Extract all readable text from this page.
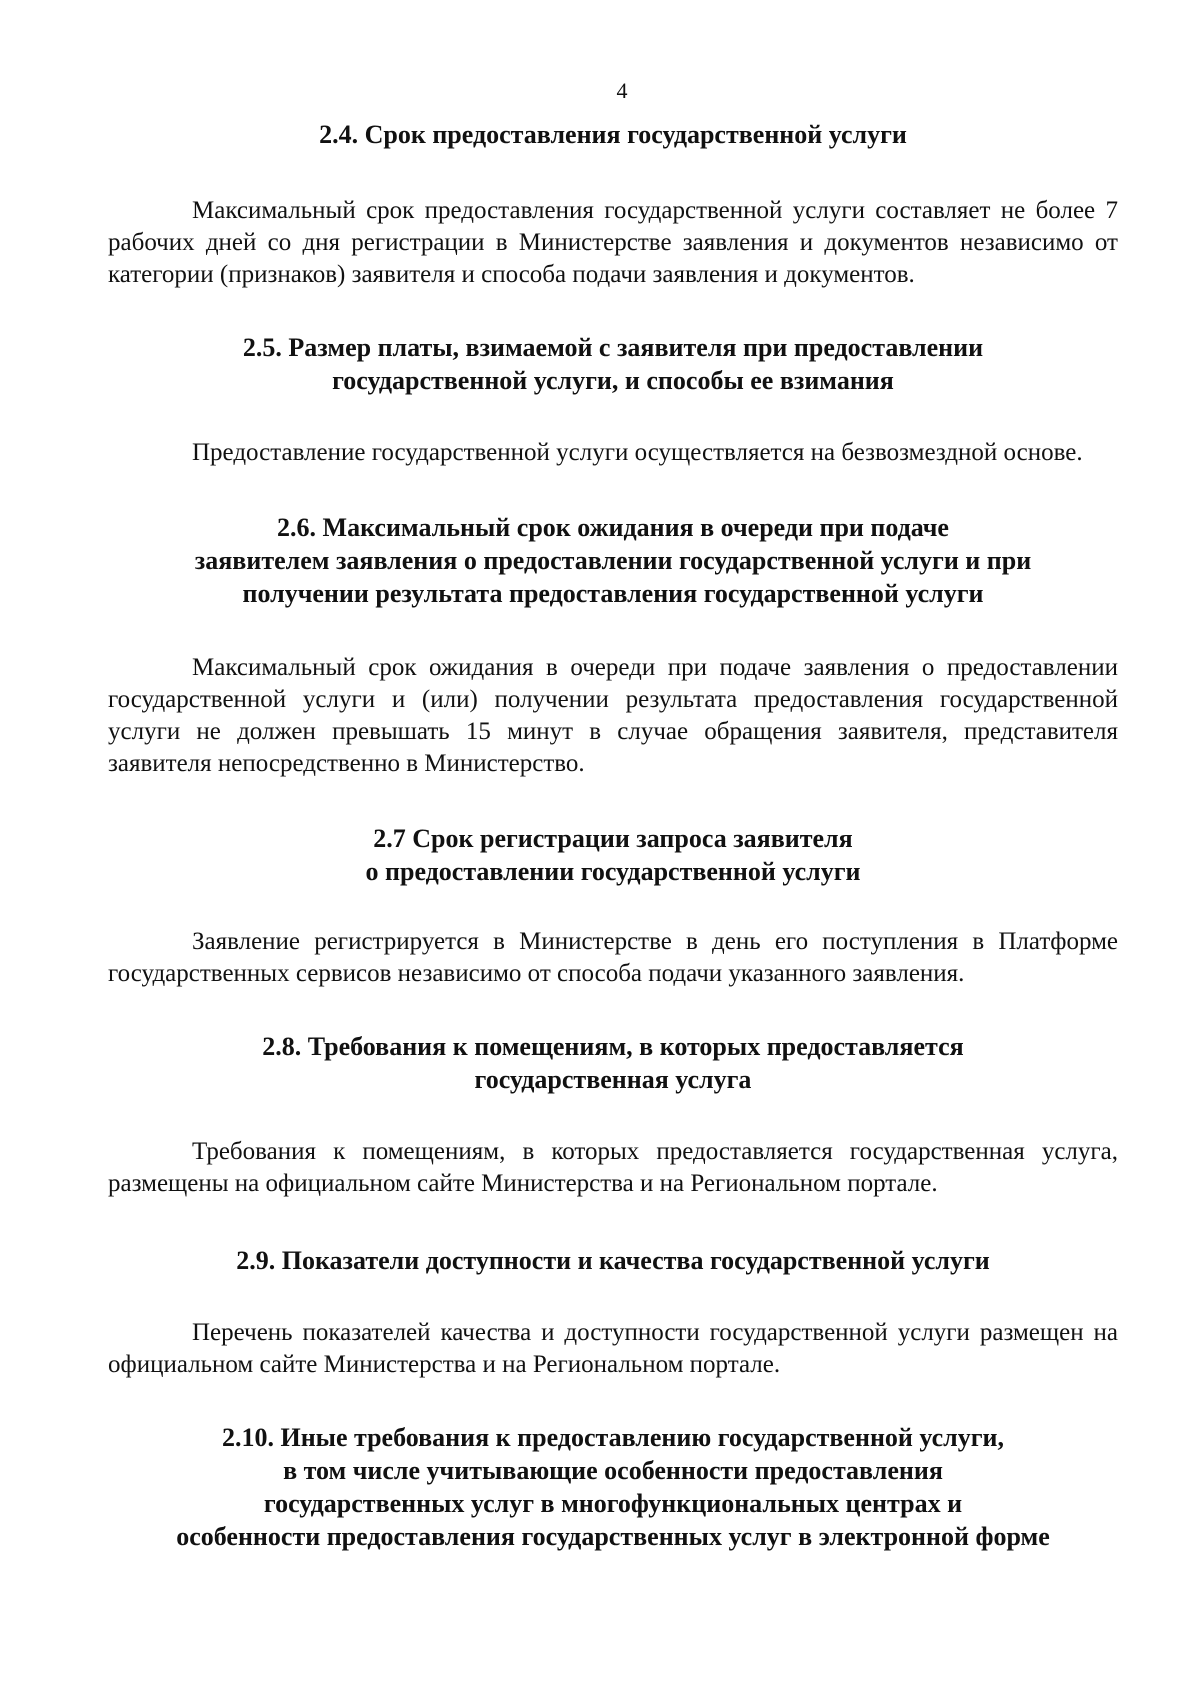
4
2.4. Срок предоставления государственной услуги

Максимальный срок предоставления государственной услуги составляет не более 7 рабочих дней со дня регистрации в Министерстве заявления и документов независимо от категории (признаков) заявителя и способа подачи заявления и документов.

2.5. Размер платы, взимаемой с заявителя при предоставлении
государственной услуги, и способы ее взимания

Предоставление государственной услуги осуществляется на безвозмездной основе.

2.6. Максимальный срок ожидания в очереди при подаче
заявителем заявления о предоставлении государственной услуги и при
получении результата предоставления государственной услуги

Максимальный срок ожидания в очереди при подаче заявления о предоставлении государственной услуги и (или) получении результата предоставления государственной услуги не должен превышать 15 минут в случае обращения заявителя, представителя заявителя непосредственно в Министерство.

2.7 Срок регистрации запроса заявителя
о предоставлении государственной услуги

Заявление регистрируется в Министерстве в день его поступления в Платформе государственных сервисов независимо от способа подачи указанного заявления.

2.8. Требования к помещениям, в которых предоставляется
государственная услуга

Требования к помещениям, в которых предоставляется государственная услуга, размещены на официальном сайте Министерства и на Региональном портале.

2.9. Показатели доступности и качества государственной услуги

Перечень показателей качества и доступности государственной услуги размещен на официальном сайте Министерства и на Региональном портале.

2.10. Иные требования к предоставлению государственной услуги,
в том числе учитывающие особенности предоставления
государственных услуг в многофункциональных центрах и
особенности предоставления государственных услуг в электронной форме
